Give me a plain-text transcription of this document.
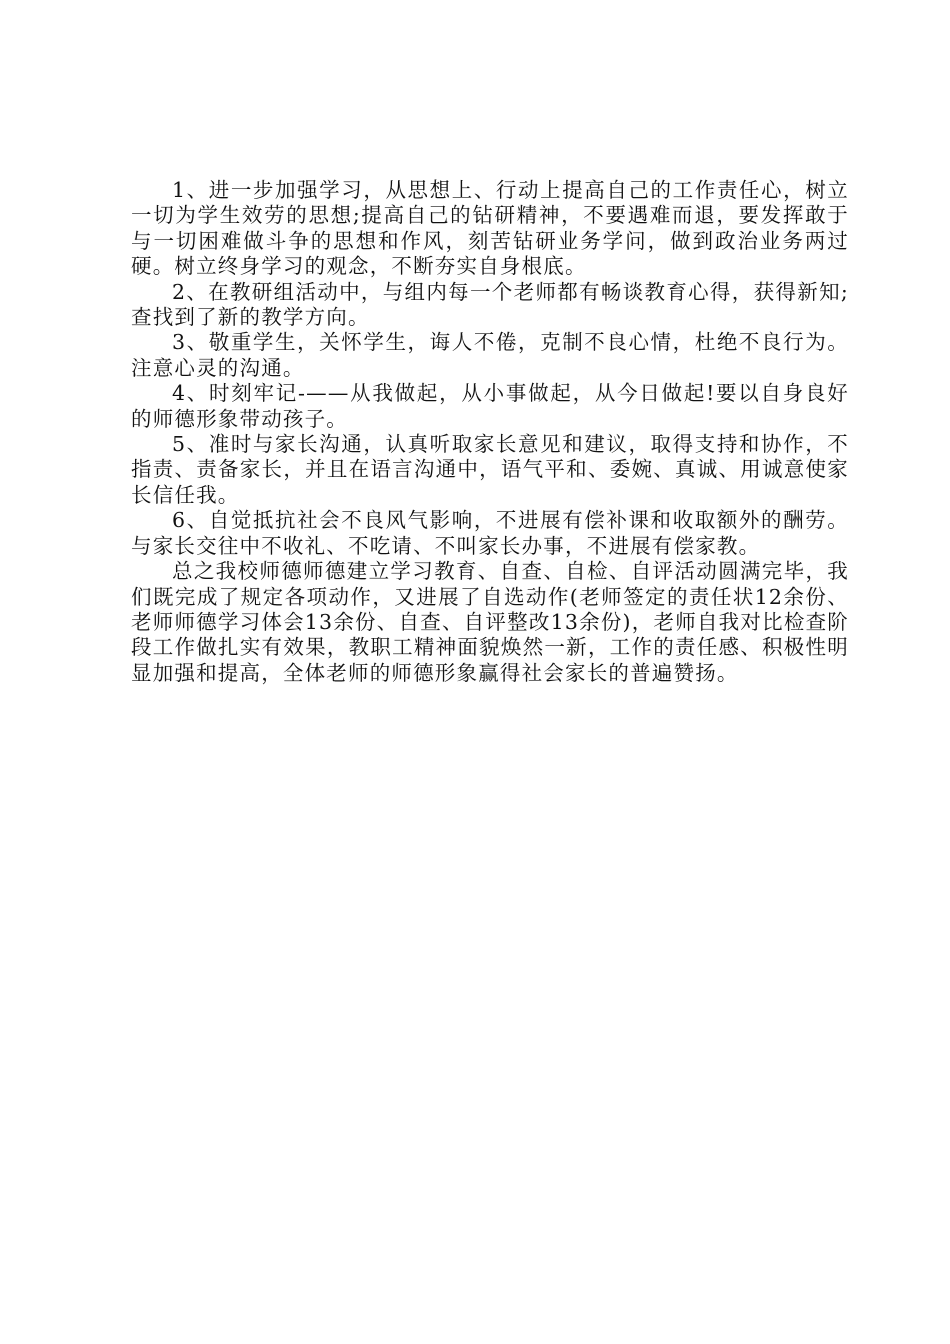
1、进一步加强学习，从思想上、行动上提高自己的工作责任心，树立一切为学生效劳的思想;提高自己的钻研精神，不要遇难而退，要发挥敢于与一切困难做斗争的思想和作风，刻苦钻研业务学问，做到政治业务两过硬。树立终身学习的观念，不断夯实自身根底。

2、在教研组活动中，与组内每一个老师都有畅谈教育心得，获得新知;查找到了新的教学方向。

3、敬重学生，关怀学生，诲人不倦，克制不良心情，杜绝不良行为。注意心灵的沟通。

4、时刻牢记-——从我做起，从小事做起，从今日做起!要以自身良好的师德形象带动孩子。

5、准时与家长沟通，认真听取家长意见和建议，取得支持和协作，不指责、责备家长，并且在语言沟通中，语气平和、委婉、真诚、用诚意使家长信任我。

6、自觉抵抗社会不良风气影响，不进展有偿补课和收取额外的酬劳。与家长交往中不收礼、不吃请、不叫家长办事，不进展有偿家教。

总之我校师德师德建立学习教育、自查、自检、自评活动圆满完毕，我们既完成了规定各项动作，又进展了自选动作(老师签定的责任状12余份、老师师德学习体会13余份、自查、自评整改13余份)，老师自我对比检查阶段工作做扎实有效果，教职工精神面貌焕然一新，工作的责任感、积极性明显加强和提高，全体老师的师德形象赢得社会家长的普遍赞扬。
